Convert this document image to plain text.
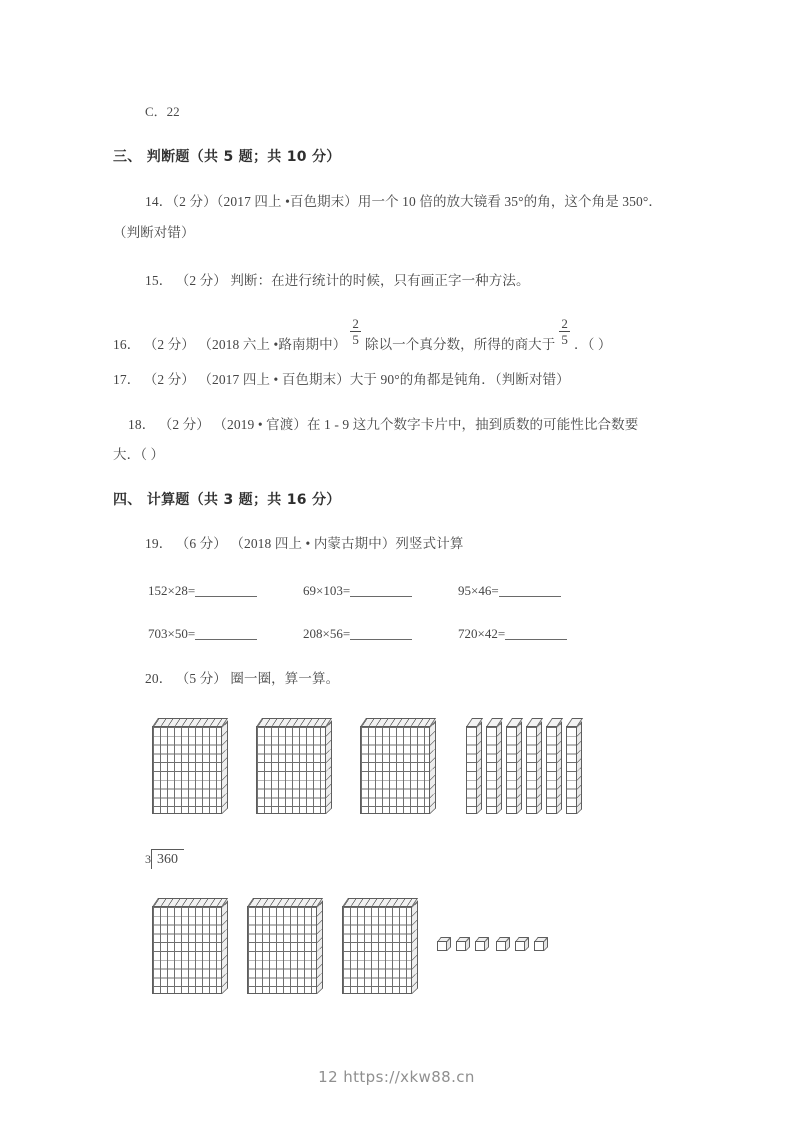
C．22
三、 判断题（共 5 题；共 10 分）
14．（2 分）（2017 四上 •百色期末）用一个 10 倍的放大镜看 35°的角，这个角是 350°．
（判断对错）
15． （2 分） 判断：在进行统计的时候，只有画正字一种方法。
16． （2 分） （2018 六上 •路南期中） $\frac{2}{5}$ 除以一个真分数，所得的商大于 $\frac{2}{5}$ ．（ ）
17． （2 分） （2017 四上 • 百色期末）大于 90°的角都是钝角．（判断对错）
18． （2 分） （2019 • 官渡）在 1 - 9 这九个数字卡片中，抽到质数的可能性比合数要
大．（ ）
四、 计算题（共 3 题；共 16 分）
19． （6 分） （2018 四上 • 内蒙古期中）列竖式计算
152×28=	69×103=	95×46=
703×50=	208×56=	720×42=
20． （5 分） 圈一圈，算一算。
3 360
12 https://xkw88.cn
